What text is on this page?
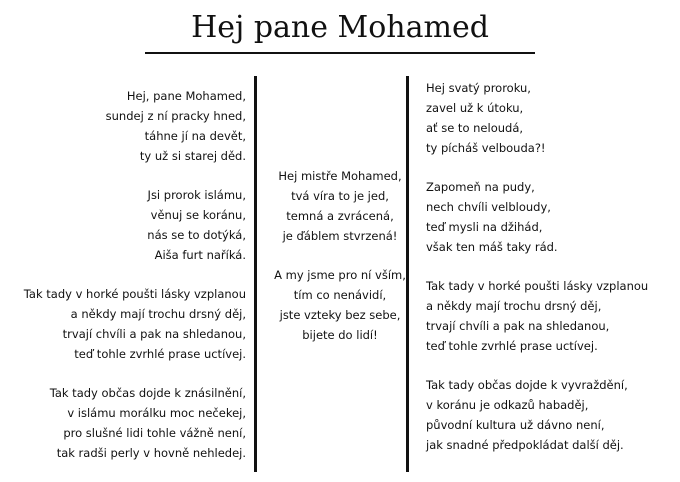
Hej pane Mohamed
Hej, pane Mohamed,
sundej z ní pracky hned,
táhne jí na devět,
ty už si starej děd.
Jsi prorok islámu,
věnuj se koránu,
nás se to dotýká,
Aiša furt naříká.
Tak tady v horké poušti lásky vzplanou
a někdy mají trochu drsný děj,
trvají chvíli a pak na shledanou,
teď tohle zvrhlé prase uctívej.
Tak tady občas dojde k znásilnění,
v islámu morálku moc nečekej,
pro slušné lidi tohle vážně není,
tak radši perly v hovně nehledej.
Hej mistře Mohamed,
tvá víra to je jed,
temná a zvrácená,
je ďáblem stvrzená!
A my jsme pro ní vším,
tím co nenávidí,
jste vzteky bez sebe,
bijete do lidí!
Hej svatý proroku,
zavel už k útoku,
ať se to neloudá,
ty pícháš velbouda?!
Zapomeň na pudy,
nech chvíli velbloudy,
teď mysli na džihád,
však ten máš taky rád.
Tak tady v horké poušti lásky vzplanou
a někdy mají trochu drsný děj,
trvají chvíli a pak na shledanou,
teď tohle zvrhlé prase uctívej.
Tak tady občas dojde k vyvraždění,
v koránu je odkazů habaděj,
původní kultura už dávno není,
jak snadné předpokládat další děj.
